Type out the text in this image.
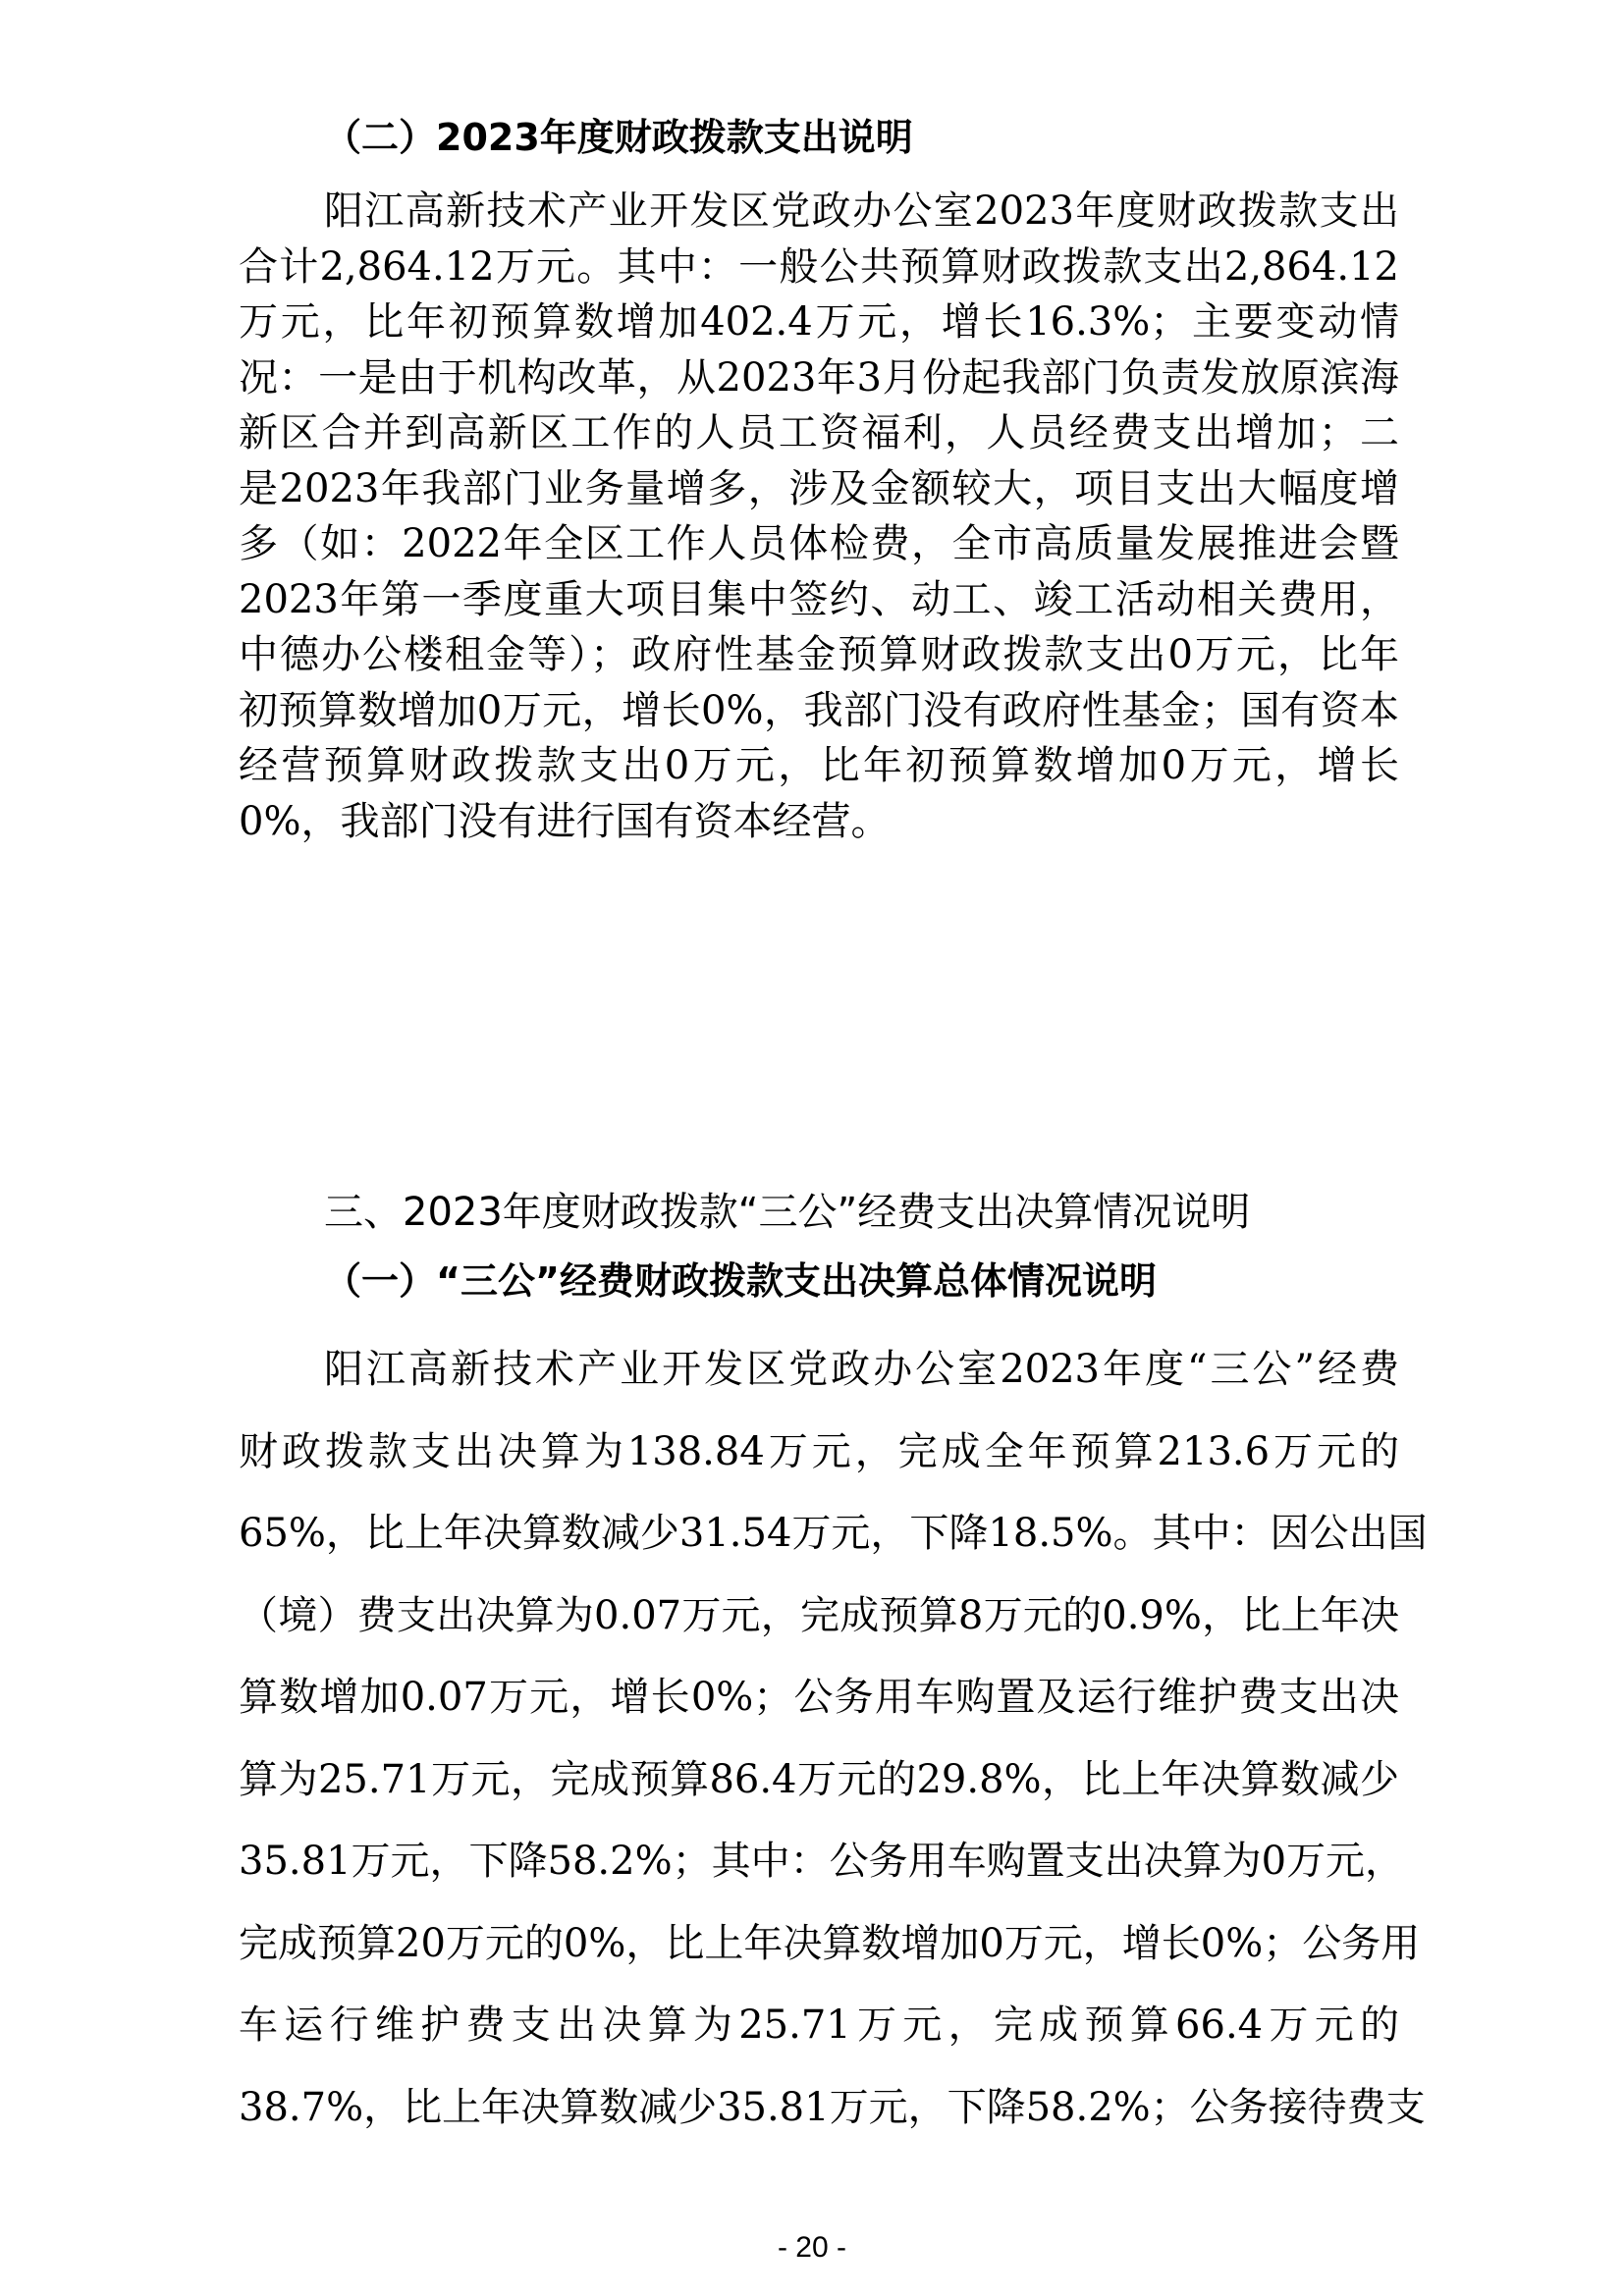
（二）2023年度财政拨款支出说明
阳江高新技术产业开发区党政办公室2023年度财政拨款支出
合计2,864.12万元。其中：一般公共预算财政拨款支出2,864.12
万元，比年初预算数增加402.4万元，增长16.3%；主要变动情
况：一是由于机构改革，从2023年3月份起我部门负责发放原滨海
新区合并到高新区工作的人员工资福利，人员经费支出增加；二
是2023年我部门业务量增多，涉及金额较大，项目支出大幅度增
多（如：2022年全区工作人员体检费，全市高质量发展推进会暨
2023年第一季度重大项目集中签约、动工、竣工活动相关费用，
中德办公楼租金等）；政府性基金预算财政拨款支出0万元，比年
初预算数增加0万元，增长0%，我部门没有政府性基金；国有资本
经营预算财政拨款支出0万元，比年初预算数增加0万元，增长
0%，我部门没有进行国有资本经营。
三、2023年度财政拨款“三公”经费支出决算情况说明
（一）“三公”经费财政拨款支出决算总体情况说明
阳江高新技术产业开发区党政办公室2023年度“三公”经费
财政拨款支出决算为138.84万元，完成全年预算213.6万元的
65%，比上年决算数减少31.54万元，下降18.5%。其中：因公出国
（境）费支出决算为0.07万元，完成预算8万元的0.9%，比上年决
算数增加0.07万元，增长0%；公务用车购置及运行维护费支出决
算为25.71万元，完成预算86.4万元的29.8%，比上年决算数减少
35.81万元，下降58.2%；其中：公务用车购置支出决算为0万元，
完成预算20万元的0%，比上年决算数增加0万元，增长0%；公务用
车运行维护费支出决算为25.71万元，完成预算66.4万元的
38.7%，比上年决算数减少35.81万元，下降58.2%；公务接待费支
- 20 -
